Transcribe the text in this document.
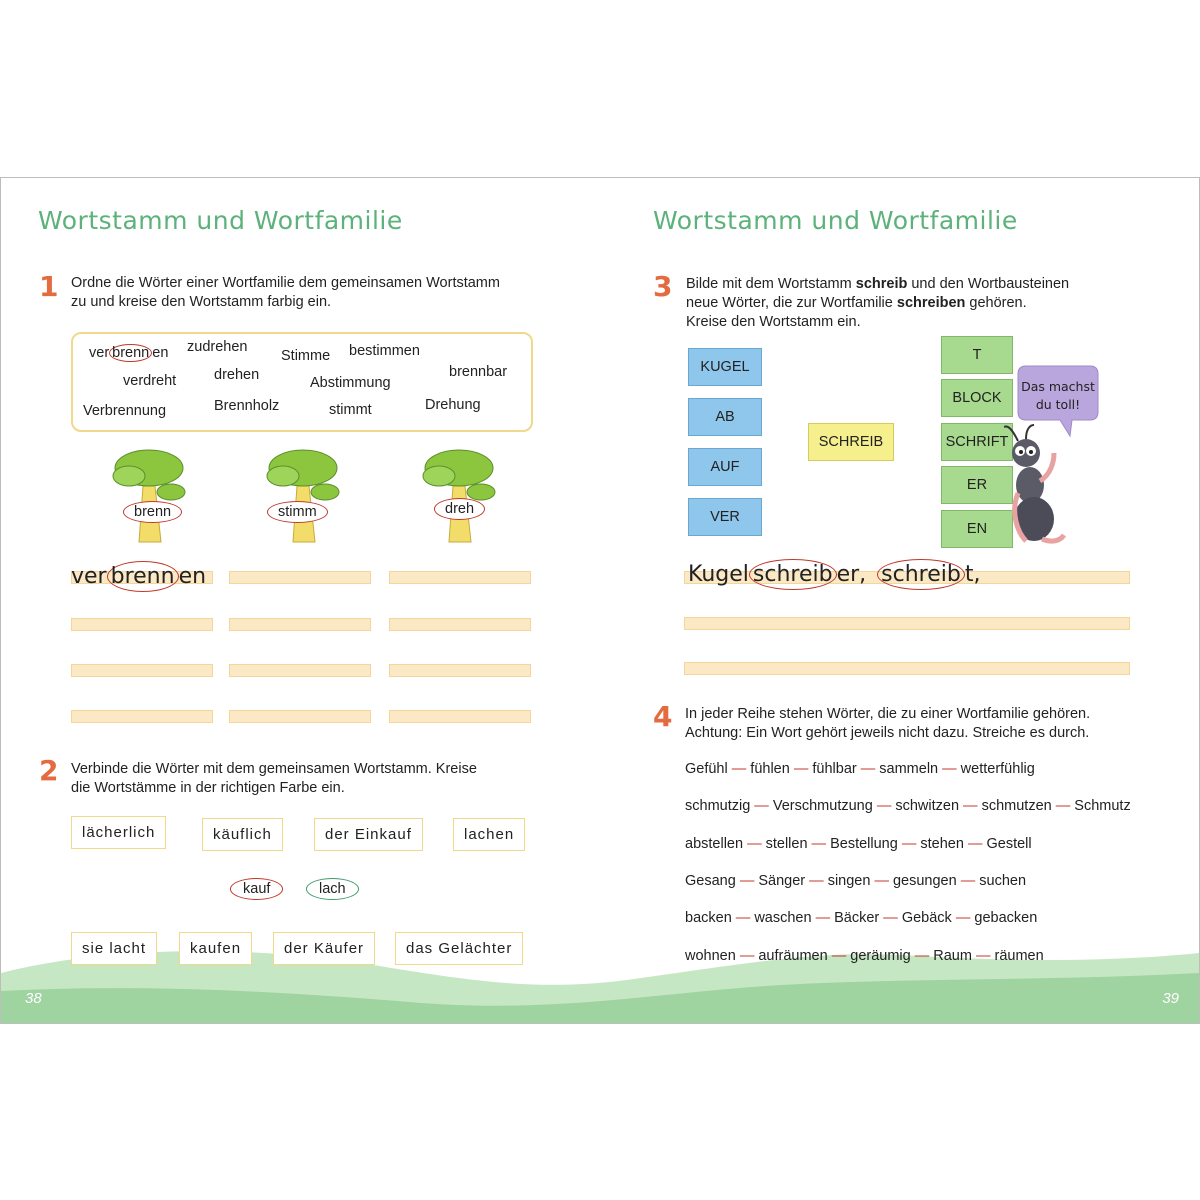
Wortstamm und Wortfamilie
1 Ordne die Wörter einer Wortfamilie dem gemeinsamen Wortstamm
zu und kreise den Wortstamm farbig ein.
ver brenn en zudrehen
Stimme bestimmen
verdreht	drehen	Abstimmung
brennbar
Verbrennung	Brennholz	stimmt	Drehung
brenn	stimm	dreh
ver brenn en
2 Verbinde die Wörter mit dem gemeinsamen Wortstamm. Kreise
die Wortstämme in der richtigen Farbe ein.
lächerlich	käuflich	der Einkauf	lachen
kauf	lach
sie lacht	kaufen	der Käufer	das Gelächter
38
Wortstamm und Wortfamilie
3 Bilde mit dem Wortstamm schreib und den Wortbausteinen
neue Wörter, die zur Wortfamilie schreiben gehören.
Kreise den Wortstamm ein.
KUGEL
AB
AUF
VER
SCHREIB
T
BLOCK
SCHRIFT
ER
EN
Das machst
du toll!
Kugel schreib er, schreib t,
4 In jeder Reihe stehen Wörter, die zu einer Wortfamilie gehören.
Achtung: Ein Wort gehört jeweils nicht dazu. Streiche es durch.
Gefühl — fühlen — fühlbar — sammeln — wetterfühlig
schmutzig — Verschmutzung — schwitzen — schmutzen — Schmutz
abstellen — stellen — Bestellung — stehen — Gestell
Gesang — Sänger — singen — gesungen — suchen
backen — waschen — Bäcker — Gebäck — gebacken
wohnen — aufräumen — geräumig — Raum — räumen
39
